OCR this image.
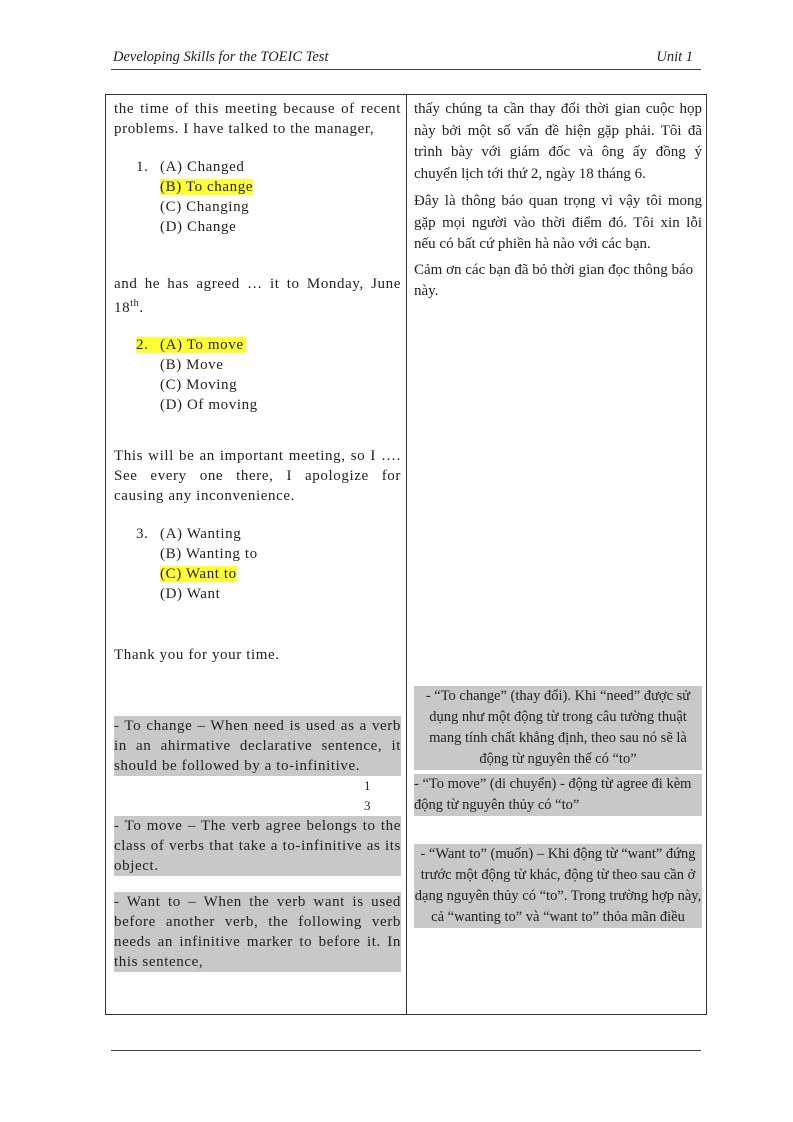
Developing Skills for the TOEIC Test	Unit 1

the time of this meeting because of recent problems. I have talked to the manager,

1. (A) Changed
(B) To change
(C) Changing
(D) Change

and he has agreed … it to Monday, June 18th.

2. (A) To move
(B) Move
(C) Moving
(D) Of moving

This will be an important meeting, so I …. See every one there, I apologize for causing any inconvenience.

3. (A) Wanting
(B) Wanting to
(C) Want to
(D) Want

Thank you for your time.

- To change – When need is used as a verb in an ahirmative declarative sentence, it should be followed by a to-infinitive.

1
3

- To move – The verb agree belongs to the class of verbs that take a to-infinitive as its object.

- Want to – When the verb want is used before another verb, the following verb needs an infinitive marker to before it. In this sentence,

thấy chúng ta cần thay đổi thời gian cuộc họp này bởi một số vấn đề hiện gặp phải. Tôi đã trình bày với giám đốc và ông ấy đồng ý chuyển lịch tới thứ 2, ngày 18 tháng 6.

Đây là thông báo quan trọng vì vậy tôi mong gặp mọi người vào thời điểm đó. Tôi xin lỗi nếu có bất cứ phiền hà nào với các bạn.

Cảm ơn các bạn đã bỏ thời gian đọc thông báo này.

- “To change” (thay đổi). Khi “need” được sử dụng như một động từ trong câu tường thuật mang tính chất khẳng định, theo sau nó sẽ là động từ nguyên thể có “to”

- “To move” (di chuyển) - động từ agree đi kèm động từ nguyên thủy có “to”

- “Want to” (muốn) – Khi động từ “want” đứng trước một động từ khác, động từ theo sau cần ở dạng nguyên thủy có “to”. Trong trường hợp này, cả “wanting to” và “want to” thỏa mãn điều
